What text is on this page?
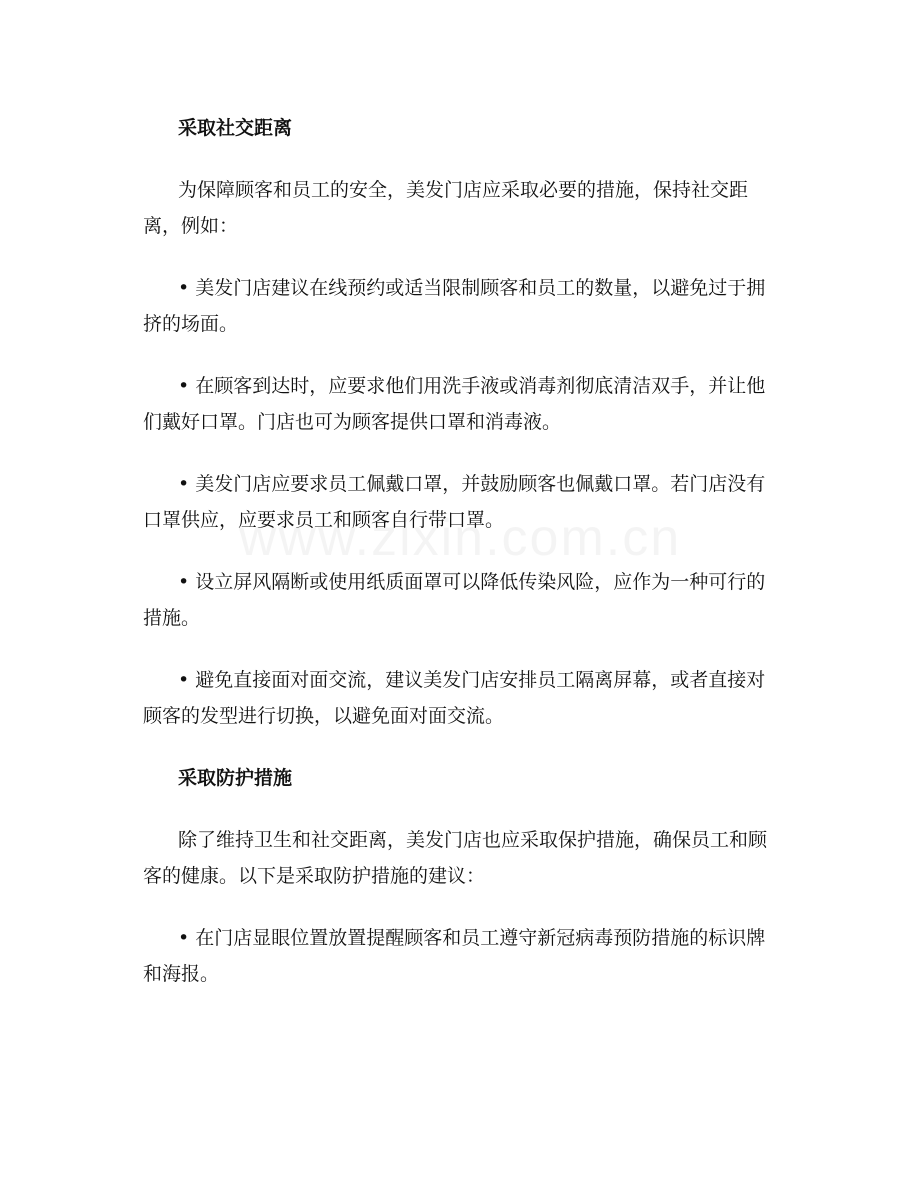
采取社交距离

为保障顾客和员工的安全，美发门店应采取必要的措施，保持社交距离，例如：

• 美发门店建议在线预约或适当限制顾客和员工的数量，以避免过于拥挤的场面。

• 在顾客到达时，应要求他们用洗手液或消毒剂彻底清洁双手，并让他们戴好口罩。门店也可为顾客提供口罩和消毒液。

• 美发门店应要求员工佩戴口罩，并鼓励顾客也佩戴口罩。若门店没有口罩供应，应要求员工和顾客自行带口罩。

• 设立屏风隔断或使用纸质面罩可以降低传染风险，应作为一种可行的措施。

• 避免直接面对面交流，建议美发门店安排员工隔离屏幕，或者直接对顾客的发型进行切换，以避免面对面交流。

采取防护措施

除了维持卫生和社交距离，美发门店也应采取保护措施，确保员工和顾客的健康。以下是采取防护措施的建议：

• 在门店显眼位置放置提醒顾客和员工遵守新冠病毒预防措施的标识牌和海报。
